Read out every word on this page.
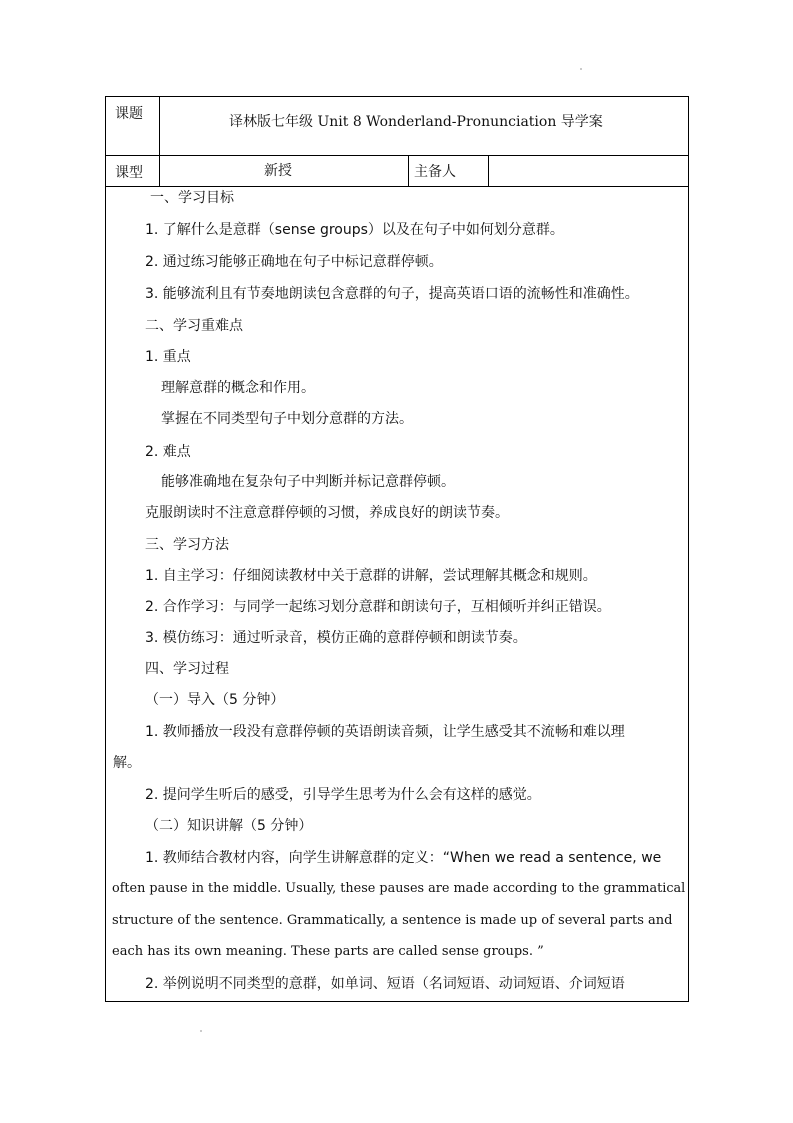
课题	译林版七年级 Unit 8 Wonderland-Pronunciation 导学案
课型	新授	主备人
一、学习目标
1. 了解什么是意群（sense groups）以及在句子中如何划分意群。
2. 通过练习能够正确地在句子中标记意群停顿。
3. 能够流利且有节奏地朗读包含意群的句子，提高英语口语的流畅性和准确性。
二、学习重难点
1. 重点
理解意群的概念和作用。
掌握在不同类型句子中划分意群的方法。
2. 难点
能够准确地在复杂句子中判断并标记意群停顿。
克服朗读时不注意意群停顿的习惯，养成良好的朗读节奏。
三、学习方法
1. 自主学习：仔细阅读教材中关于意群的讲解，尝试理解其概念和规则。
2. 合作学习：与同学一起练习划分意群和朗读句子，互相倾听并纠正错误。
3. 模仿练习：通过听录音，模仿正确的意群停顿和朗读节奏。
四、学习过程
（一）导入（5 分钟）
1. 教师播放一段没有意群停顿的英语朗读音频，让学生感受其不流畅和难以理
解。
2. 提问学生听后的感受，引导学生思考为什么会有这样的感觉。
（二）知识讲解（5 分钟）
1. 教师结合教材内容，向学生讲解意群的定义：“When we read a sentence, we
often pause in the middle. Usually, these pauses are made according to the grammatical
structure of the sentence. Grammatically, a sentence is made up of several parts and
each has its own meaning. These parts are called sense groups. ”
2. 举例说明不同类型的意群，如单词、短语（名词短语、动词短语、介词短语
